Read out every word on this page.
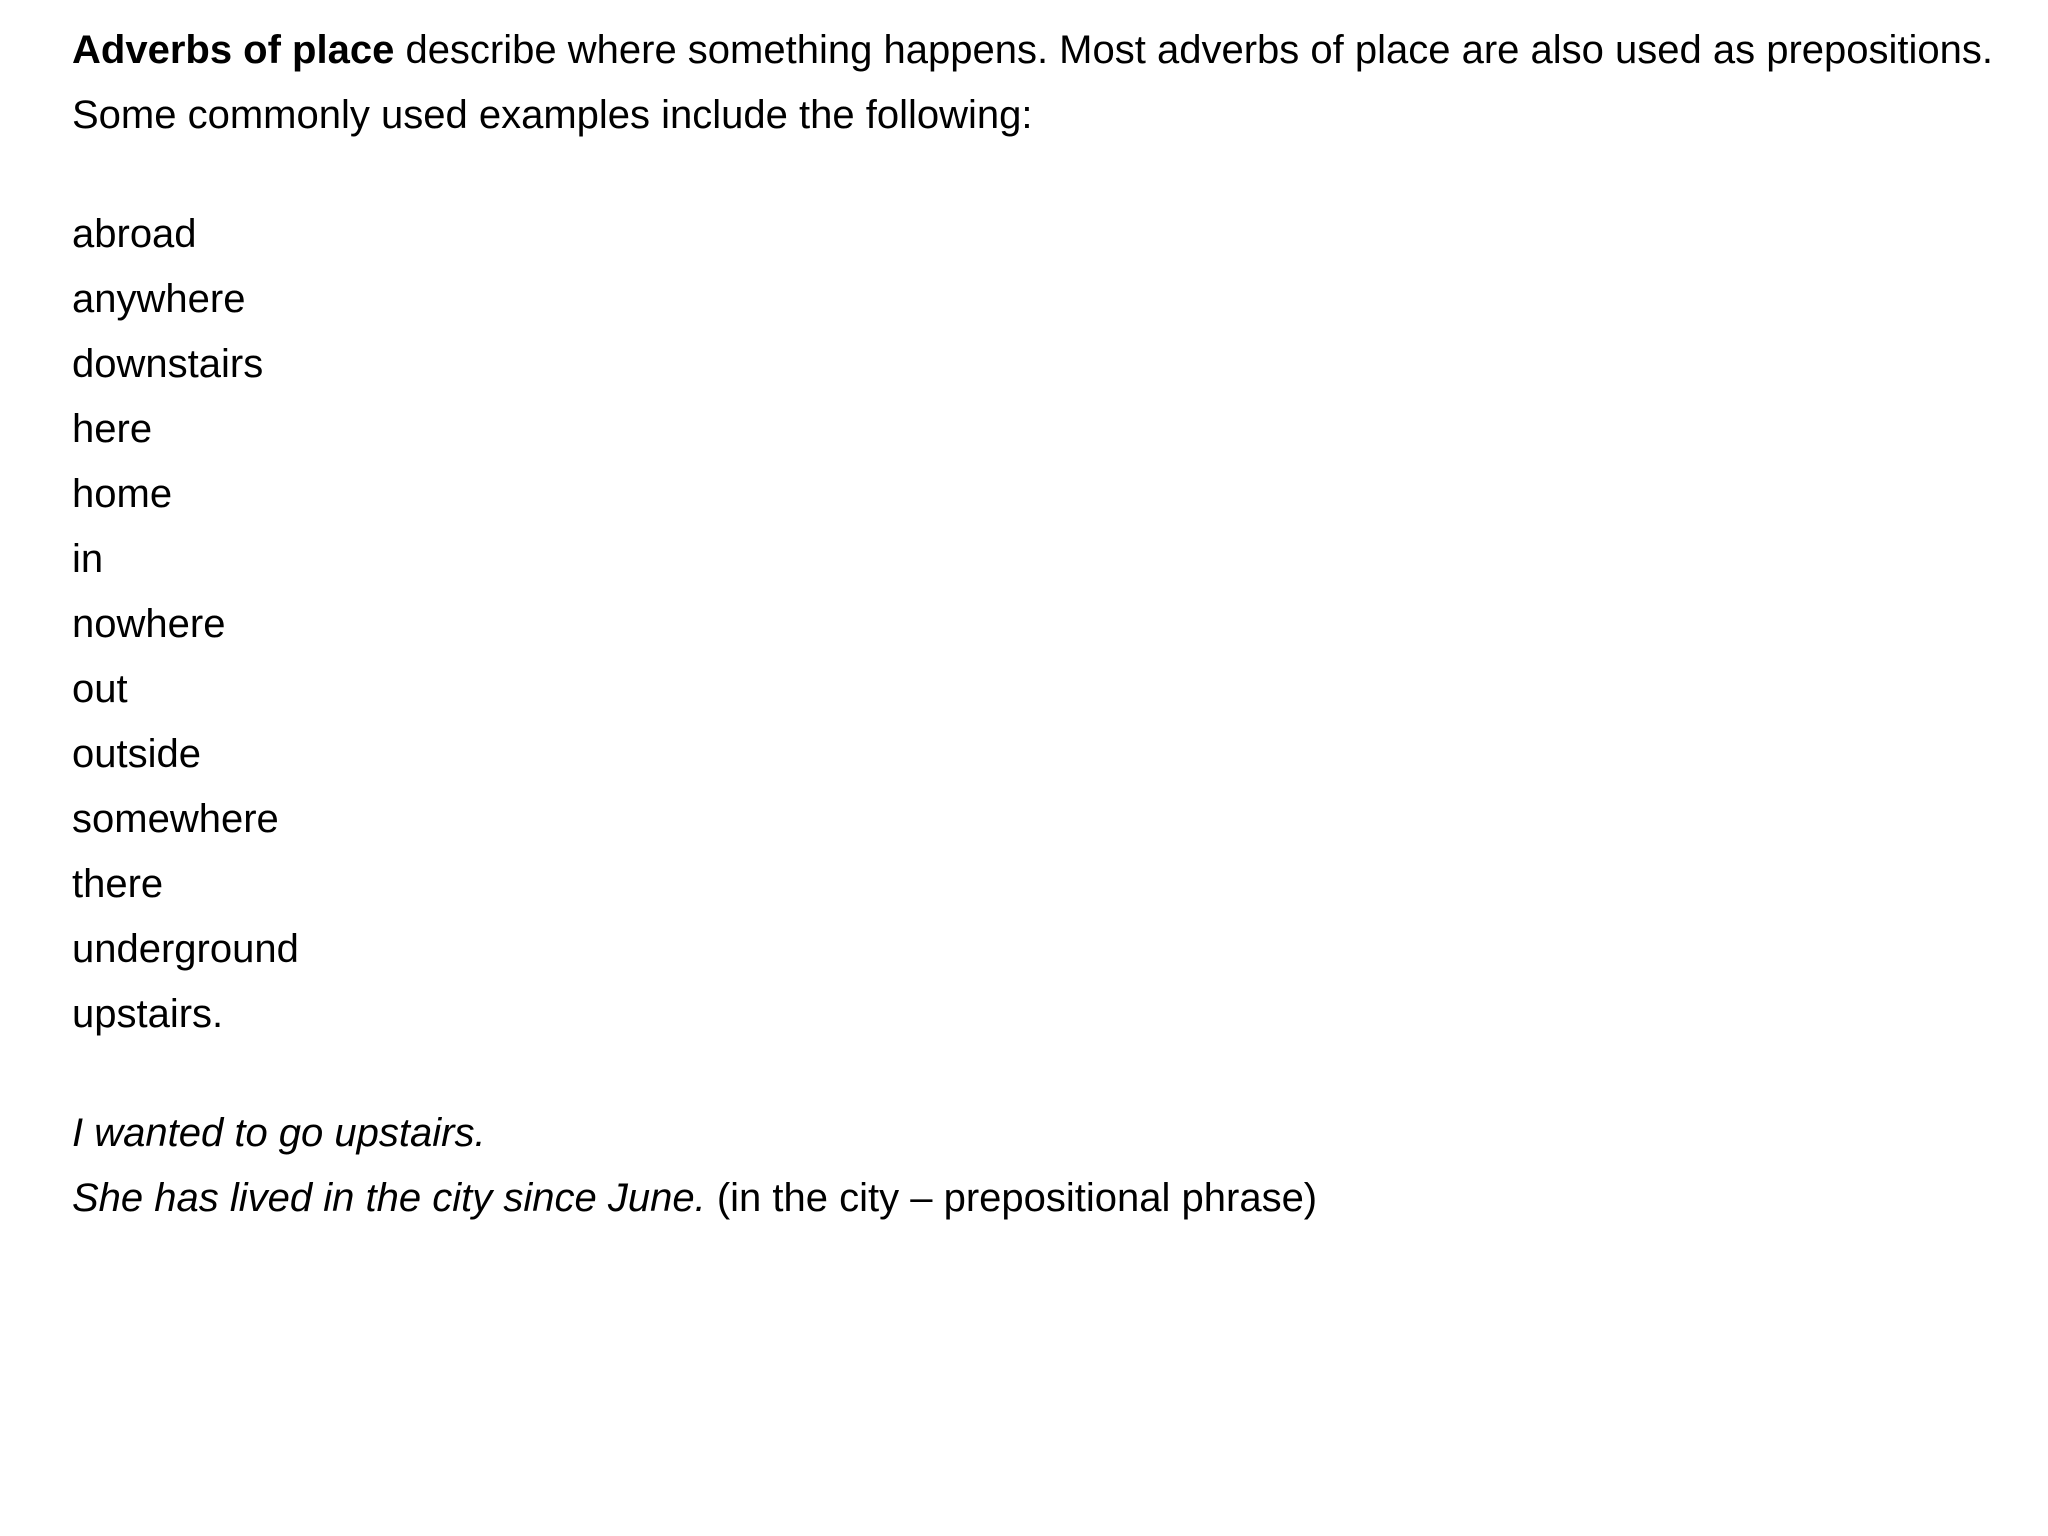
Adverbs of place describe where something happens. Most adverbs of place are also used as prepositions.

Some commonly used examples include the following:

abroad
anywhere
downstairs
here
home
in
nowhere
out
outside
somewhere
there
underground
upstairs.

I wanted to go upstairs.

She has lived in the city since June. (in the city – prepositional phrase)
